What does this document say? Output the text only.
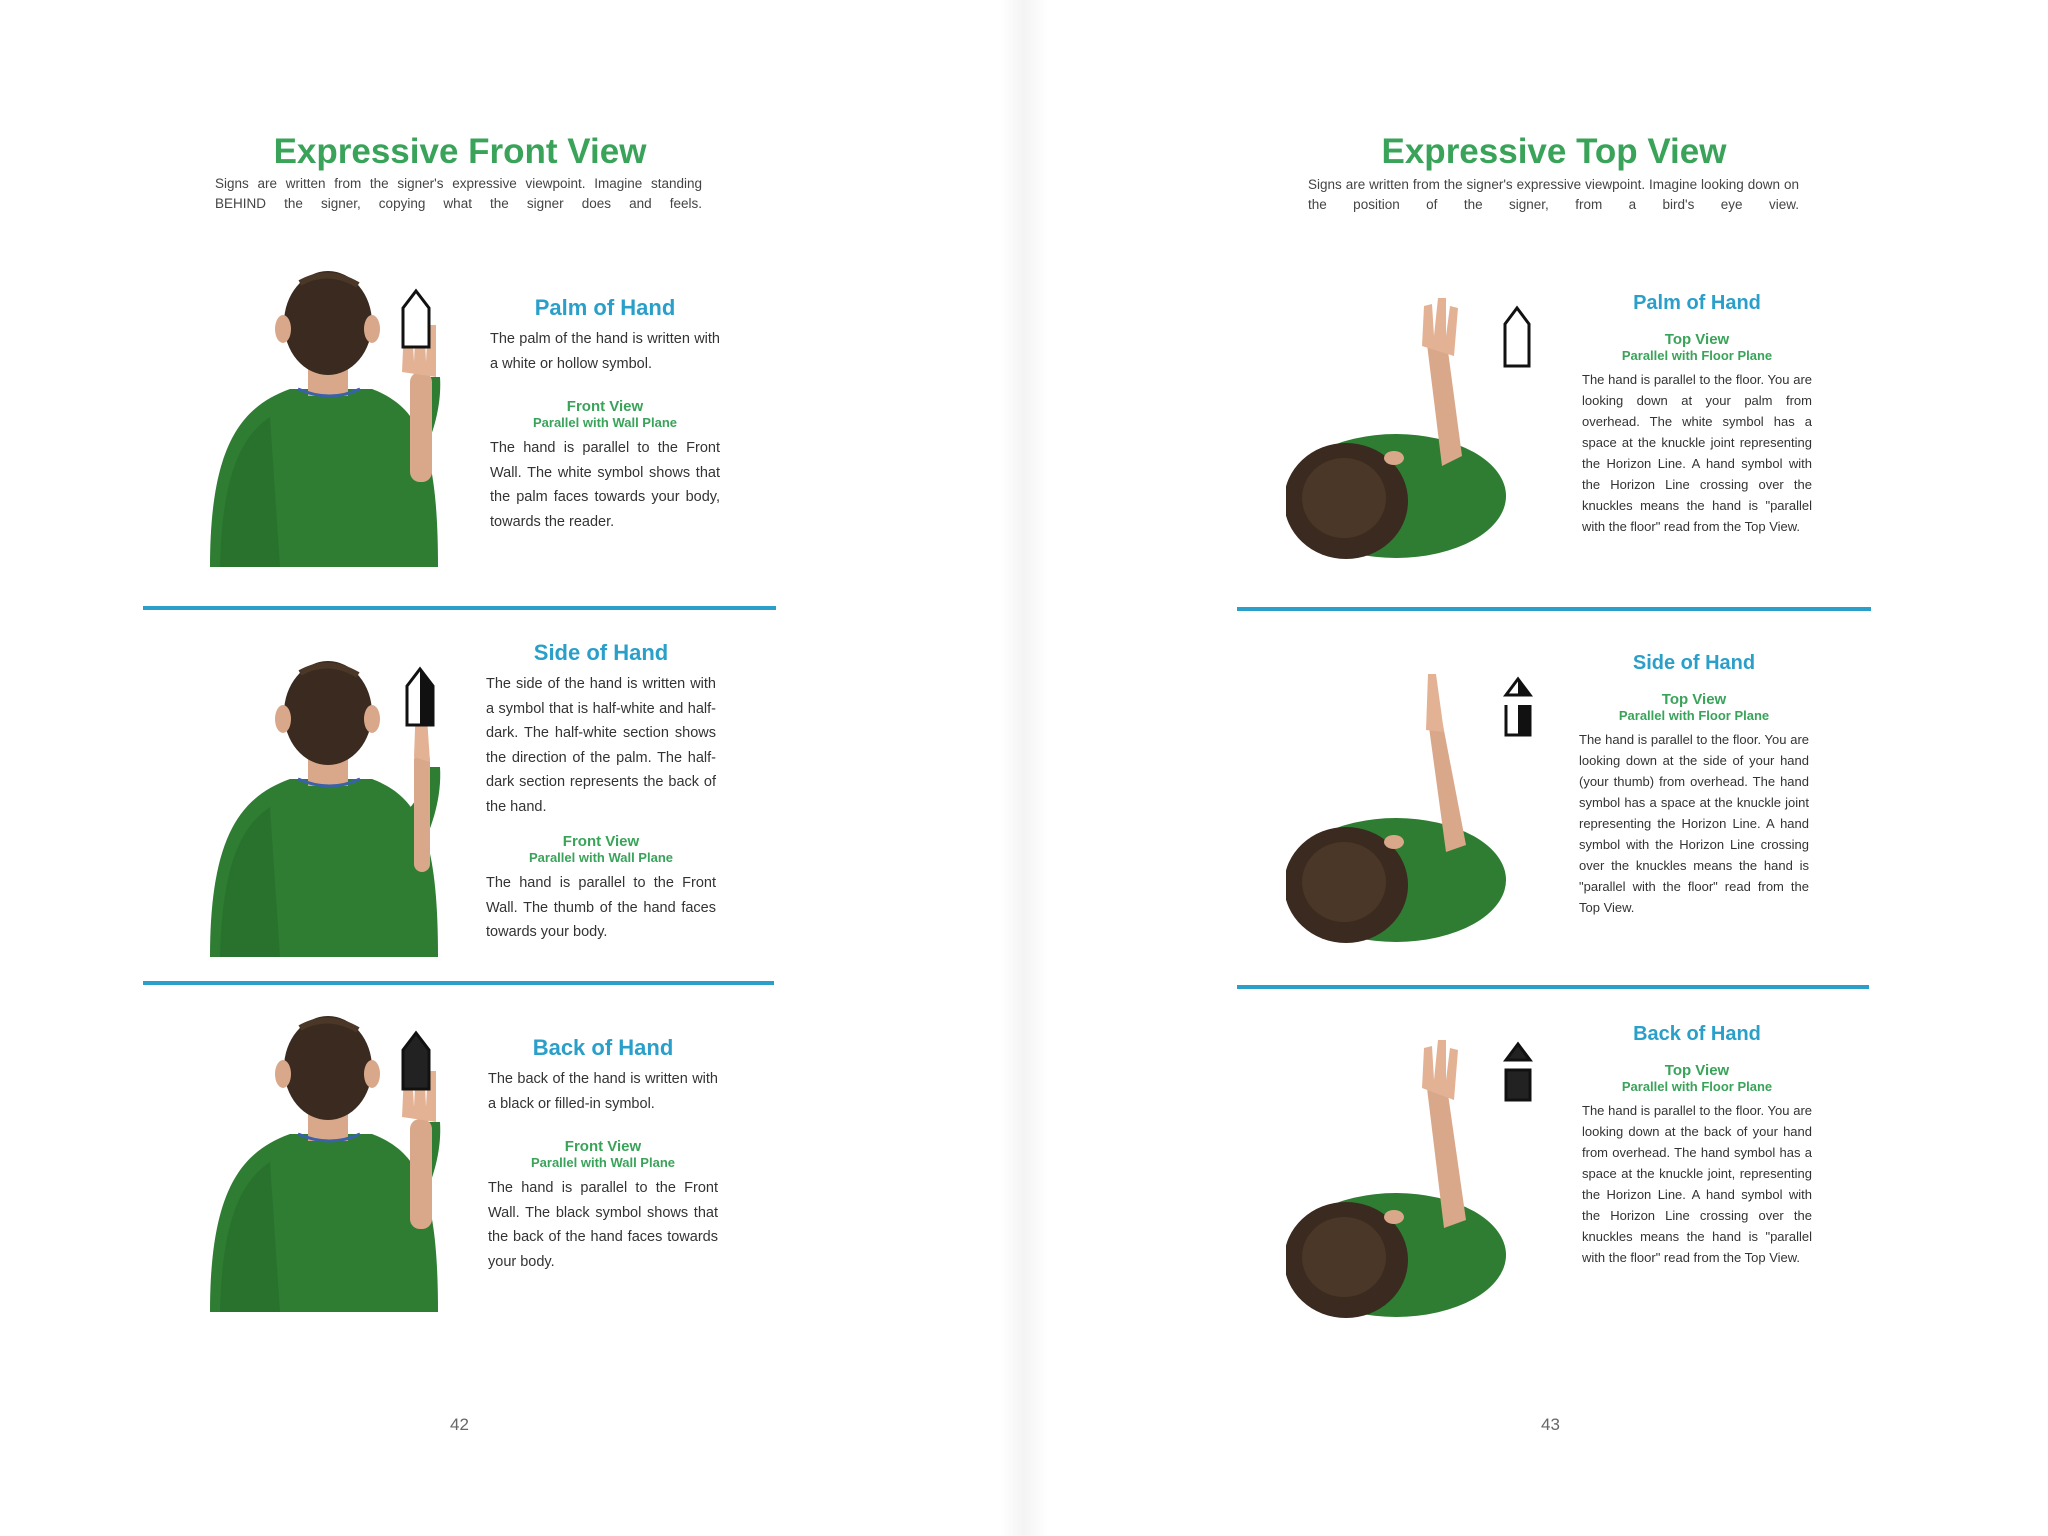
Expressive Front View

Signs are written from the signer's expressive viewpoint. Imagine standing BEHIND the signer, copying what the signer does and feels.

Palm of Hand

The palm of the hand is written with a white or hollow symbol.

Front View

Parallel with Wall Plane

The hand is parallel to the Front Wall. The white symbol shows that the palm faces towards your body, towards the reader.

Side of Hand

The side of the hand is written with a symbol that is half-white and half-dark. The half-white section shows the direction of the palm. The half-dark section represents the back of the hand.

Front View

Parallel with Wall Plane

The hand is parallel to the Front Wall. The thumb of the hand faces towards your body.

Back of Hand

The back of the hand is written with a black or filled-in symbol.

Front View

Parallel with Wall Plane

The hand is parallel to the Front Wall. The black symbol shows that the back of the hand faces towards your body.

42

Expressive Top View

Signs are written from the signer's expressive viewpoint. Imagine looking down on the position of the signer, from a bird's eye view.

Palm of Hand

Top View

Parallel with Floor Plane

The hand is parallel to the floor. You are looking down at your palm from overhead. The white symbol has a space at the knuckle joint representing the Horizon Line. A hand symbol with the Horizon Line crossing over the knuckles means the hand is "parallel with the floor" read from the Top View.

Side of Hand

Top View

Parallel with Floor Plane

The hand is parallel to the floor. You are looking down at the side of your hand (your thumb) from overhead. The hand symbol has a space at the knuckle joint representing the Horizon Line. A hand symbol with the Horizon Line crossing over the knuckles means the hand is "parallel with the floor" read from the Top View.

Back of Hand

Top View

Parallel with Floor Plane

The hand is parallel to the floor. You are looking down at the back of your hand from overhead. The hand symbol has a space at the knuckle joint, representing the Horizon Line. A hand symbol with the Horizon Line crossing over the knuckles means the hand is "parallel with the floor" read from the Top View.

43
